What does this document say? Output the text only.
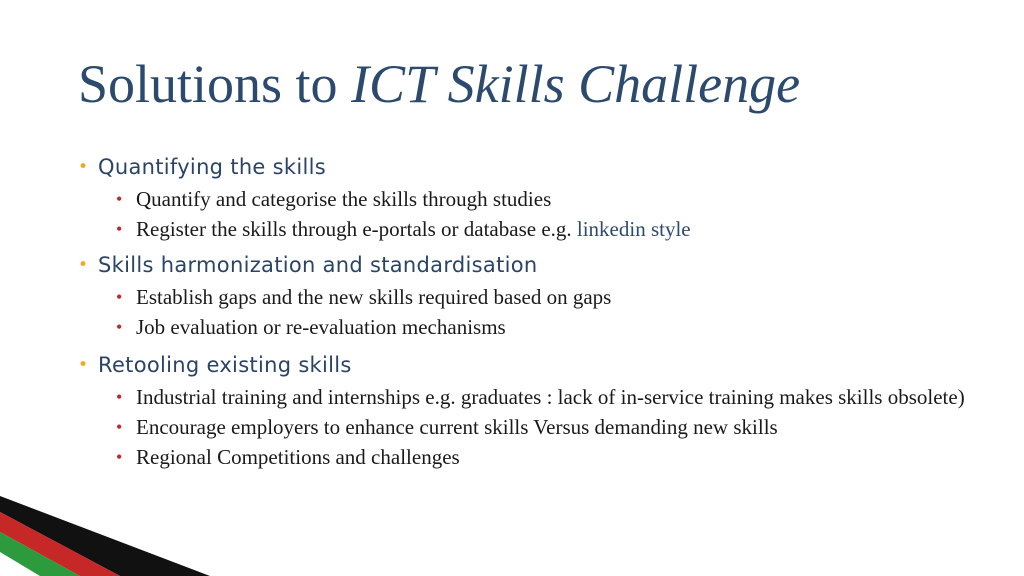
Solutions to ICT Skills Challenge
• Quantifying the skills
• Quantify and categorise the skills through studies
• Register the skills through e-portals or database e.g. linkedin style
• Skills harmonization and standardisation
• Establish gaps and the new skills required based on gaps
• Job evaluation or re-evaluation mechanisms
• Retooling existing skills
• Industrial training and internships e.g. graduates : lack of in-service training makes skills obsolete)
• Encourage employers to enhance current skills Versus demanding new skills
• Regional Competitions and challenges
